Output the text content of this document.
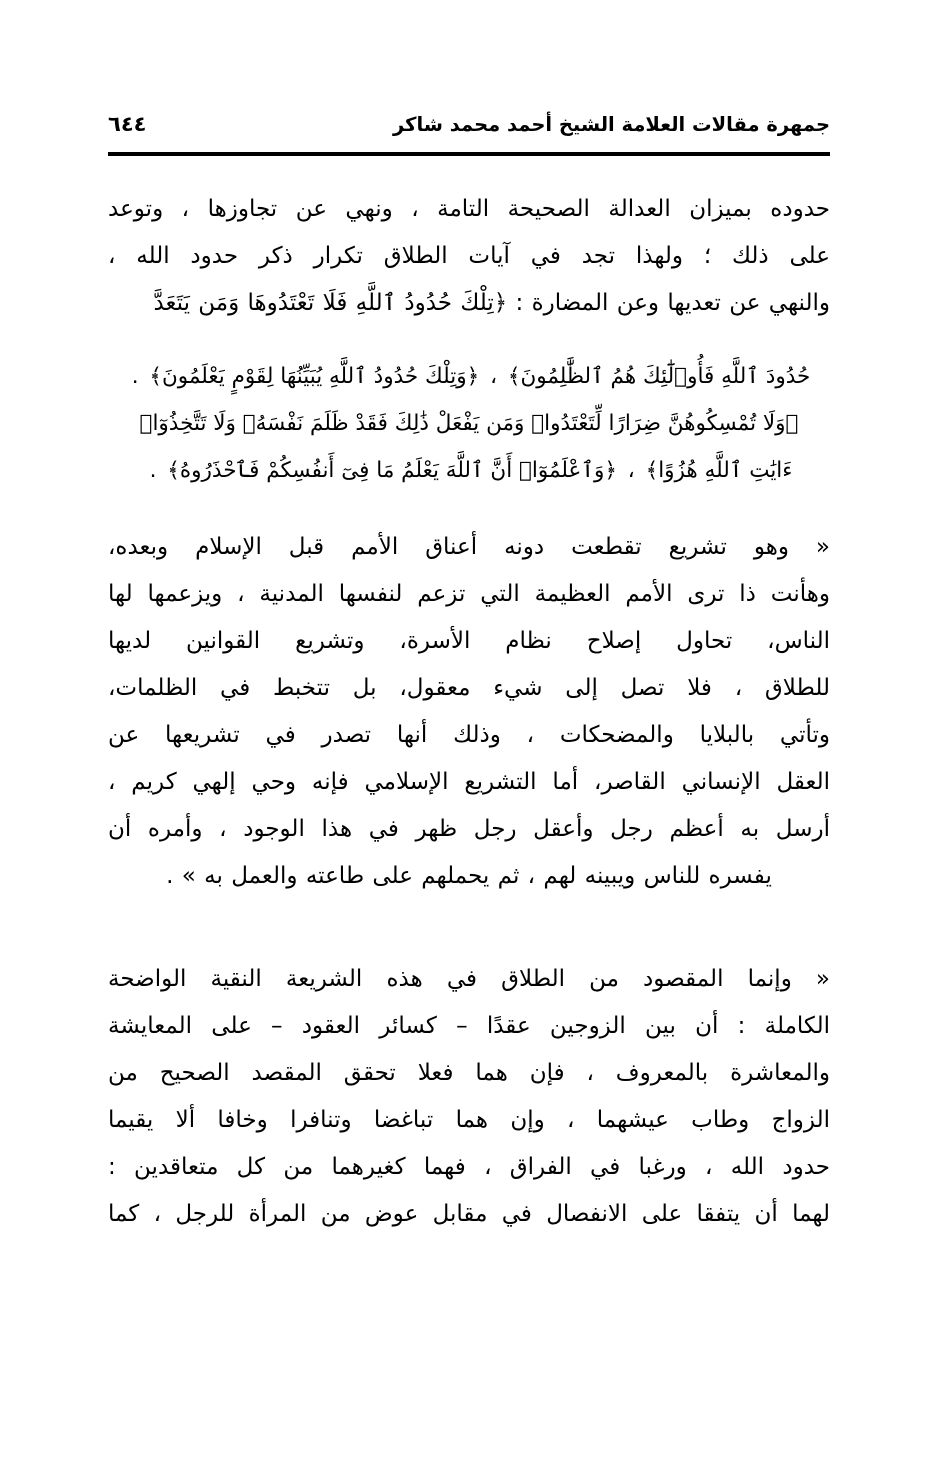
جمهرة مقالات العلامة الشيخ أحمد محمد شاكر
٦٤٤

حدوده بميزان العدالة الصحيحة التامة ، ونهي عن تجاوزها ، وتوعد

على ذلك ؛ ولهذا تجد في آيات الطلاق تكرار ذكر حدود الله ،

والنهي عن تعديها وعن المضارة : ﴿تِلْكَ حُدُودُ ٱللَّهِ فَلَا تَعْتَدُوهَا وَمَن يَتَعَدَّ

حُدُودَ ٱللَّهِ فَأُو۟لَٰٓئِكَ هُمُ ٱلظَّٰلِمُونَ﴾ ، ﴿وَتِلْكَ حُدُودُ ٱللَّهِ يُبَيِّنُهَا لِقَوْمٍ يَعْلَمُونَ﴾ .

﴿وَلَا تُمْسِكُوهُنَّ ضِرَارًا لِّتَعْتَدُوا۟ وَمَن يَفْعَلْ ذَٰلِكَ فَقَدْ ظَلَمَ نَفْسَهُۥ وَلَا تَتَّخِذُوٓا۟

ءَايَٰتِ ٱللَّهِ هُزُوًا﴾ ، ﴿وَٱعْلَمُوٓا۟ أَنَّ ٱللَّهَ يَعْلَمُ مَا فِىٓ أَنفُسِكُمْ فَٱحْذَرُوهُ﴾ .

« وهو تشريع تقطعت دونه أعناق الأمم قبل الإسلام وبعده،

وهأنت ذا ترى الأمم العظيمة التي تزعم لنفسها المدنية ، ويزعمها لها

الناس، تحاول إصلاح نظام الأسرة، وتشريع القوانين لديها

للطلاق ، فلا تصل إلى شيء معقول، بل تتخبط في الظلمات،

وتأتي بالبلايا والمضحكات ، وذلك أنها تصدر في تشريعها عن

العقل الإنساني القاصر، أما التشريع الإسلامي فإنه وحي إلهي كريم ،

أرسل به أعظم رجل وأعقل رجل ظهر في هذا الوجود ، وأمره أن

يفسره للناس ويبينه لهم ، ثم يحملهم على طاعته والعمل به » .

« وإنما المقصود من الطلاق في هذه الشريعة النقية الواضحة

الكاملة : أن بين الزوجين عقدًا – كسائر العقود – على المعايشة

والمعاشرة بالمعروف ، فإن هما فعلا تحقق المقصد الصحيح من

الزواج وطاب عيشهما ، وإن هما تباغضا وتنافرا وخافا ألا يقيما

حدود الله ، ورغبا في الفراق ، فهما كغيرهما من كل متعاقدين :

لهما أن يتفقا على الانفصال في مقابل عوض من المرأة للرجل ، كما
